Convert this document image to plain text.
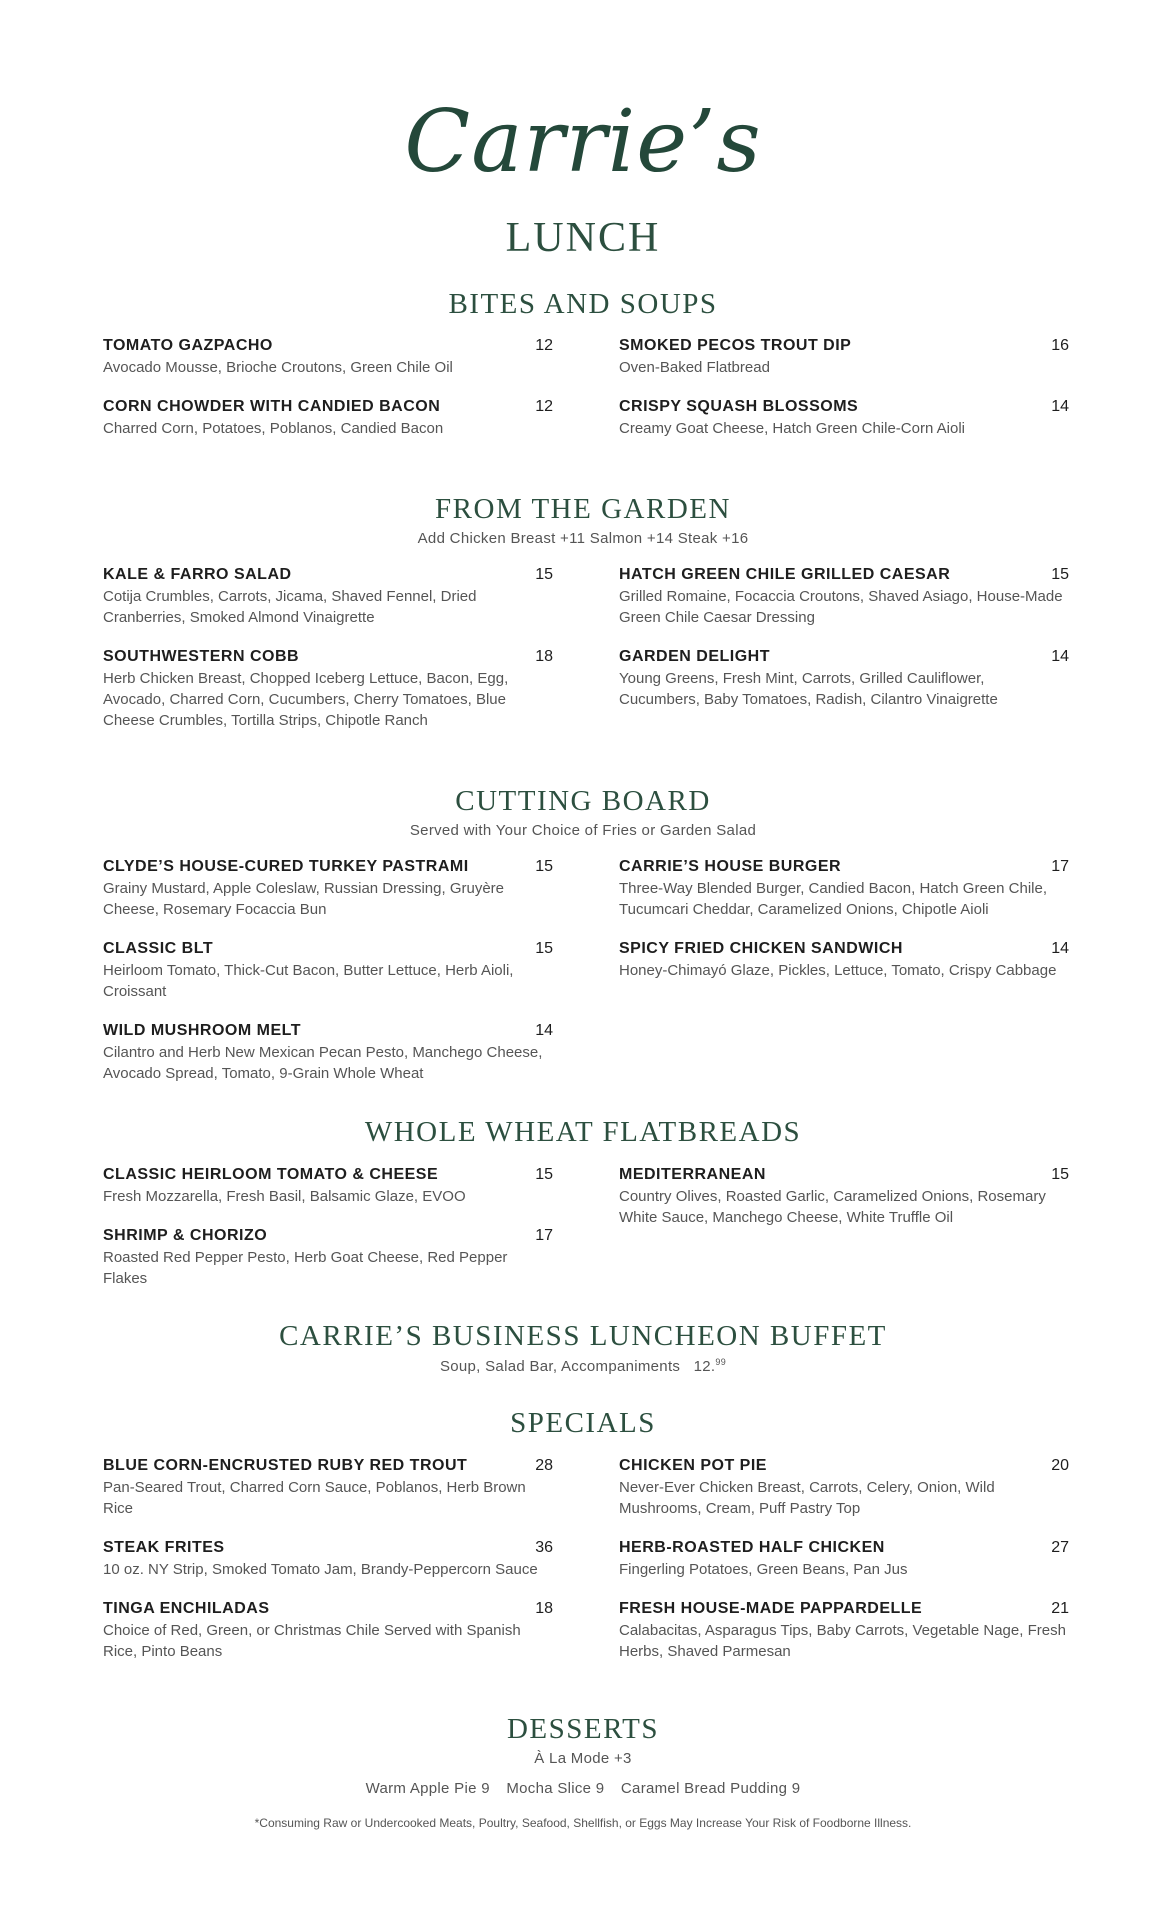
Carrie’s
LUNCH
BITES AND SOUPS
TOMATO GAZPACHO	12
Avocado Mousse, Brioche Croutons, Green Chile Oil
CORN CHOWDER WITH CANDIED BACON	12
Charred Corn, Potatoes, Poblanos, Candied Bacon
SMOKED PECOS TROUT DIP	16
Oven-Baked Flatbread
CRISPY SQUASH BLOSSOMS	14
Creamy Goat Cheese, Hatch Green Chile-Corn Aioli
FROM THE GARDEN
Add Chicken Breast +11 Salmon +14 Steak +16
KALE & FARRO SALAD	15
Cotija Crumbles, Carrots, Jicama, Shaved Fennel, Dried Cranberries, Smoked Almond Vinaigrette
SOUTHWESTERN COBB	18
Herb Chicken Breast, Chopped Iceberg Lettuce, Bacon, Egg, Avocado, Charred Corn, Cucumbers, Cherry Tomatoes, Blue Cheese Crumbles, Tortilla Strips, Chipotle Ranch
HATCH GREEN CHILE GRILLED CAESAR	15
Grilled Romaine, Focaccia Croutons, Shaved Asiago, House-Made Green Chile Caesar Dressing
GARDEN DELIGHT	14
Young Greens, Fresh Mint, Carrots, Grilled Cauliflower, Cucumbers, Baby Tomatoes, Radish, Cilantro Vinaigrette
CUTTING BOARD
Served with Your Choice of Fries or Garden Salad
CLYDE’S HOUSE-CURED TURKEY PASTRAMI	15
Grainy Mustard, Apple Coleslaw, Russian Dressing, Gruyère Cheese, Rosemary Focaccia Bun
CLASSIC BLT	15
Heirloom Tomato, Thick-Cut Bacon, Butter Lettuce, Herb Aioli, Croissant
WILD MUSHROOM MELT	14
Cilantro and Herb New Mexican Pecan Pesto, Manchego Cheese, Avocado Spread, Tomato, 9-Grain Whole Wheat
CARRIE’S HOUSE BURGER	17
Three-Way Blended Burger, Candied Bacon, Hatch Green Chile, Tucumcari Cheddar, Caramelized Onions, Chipotle Aioli
SPICY FRIED CHICKEN SANDWICH	14
Honey-Chimayó Glaze, Pickles, Lettuce, Tomato, Crispy Cabbage
WHOLE WHEAT FLATBREADS
CLASSIC HEIRLOOM TOMATO & CHEESE	15
Fresh Mozzarella, Fresh Basil, Balsamic Glaze, EVOO
SHRIMP & CHORIZO	17
Roasted Red Pepper Pesto, Herb Goat Cheese, Red Pepper Flakes
MEDITERRANEAN	15
Country Olives, Roasted Garlic, Caramelized Onions, Rosemary White Sauce, Manchego Cheese, White Truffle Oil
CARRIE’S BUSINESS LUNCHEON BUFFET
Soup, Salad Bar, Accompaniments 12.99
SPECIALS
BLUE CORN-ENCRUSTED RUBY RED TROUT	28
Pan-Seared Trout, Charred Corn Sauce, Poblanos, Herb Brown Rice
STEAK FRITES	36
10 oz. NY Strip, Smoked Tomato Jam, Brandy-Peppercorn Sauce
TINGA ENCHILADAS	18
Choice of Red, Green, or Christmas Chile Served with Spanish Rice, Pinto Beans
CHICKEN POT PIE	20
Never-Ever Chicken Breast, Carrots, Celery, Onion, Wild Mushrooms, Cream, Puff Pastry Top
HERB-ROASTED HALF CHICKEN	27
Fingerling Potatoes, Green Beans, Pan Jus
FRESH HOUSE-MADE PAPPARDELLE	21
Calabacitas, Asparagus Tips, Baby Carrots, Vegetable Nage, Fresh Herbs, Shaved Parmesan
DESSERTS
À La Mode +3
Warm Apple Pie 9 Mocha Slice 9 Caramel Bread Pudding 9
*Consuming Raw or Undercooked Meats, Poultry, Seafood, Shellfish, or Eggs May Increase Your Risk of Foodborne Illness.
